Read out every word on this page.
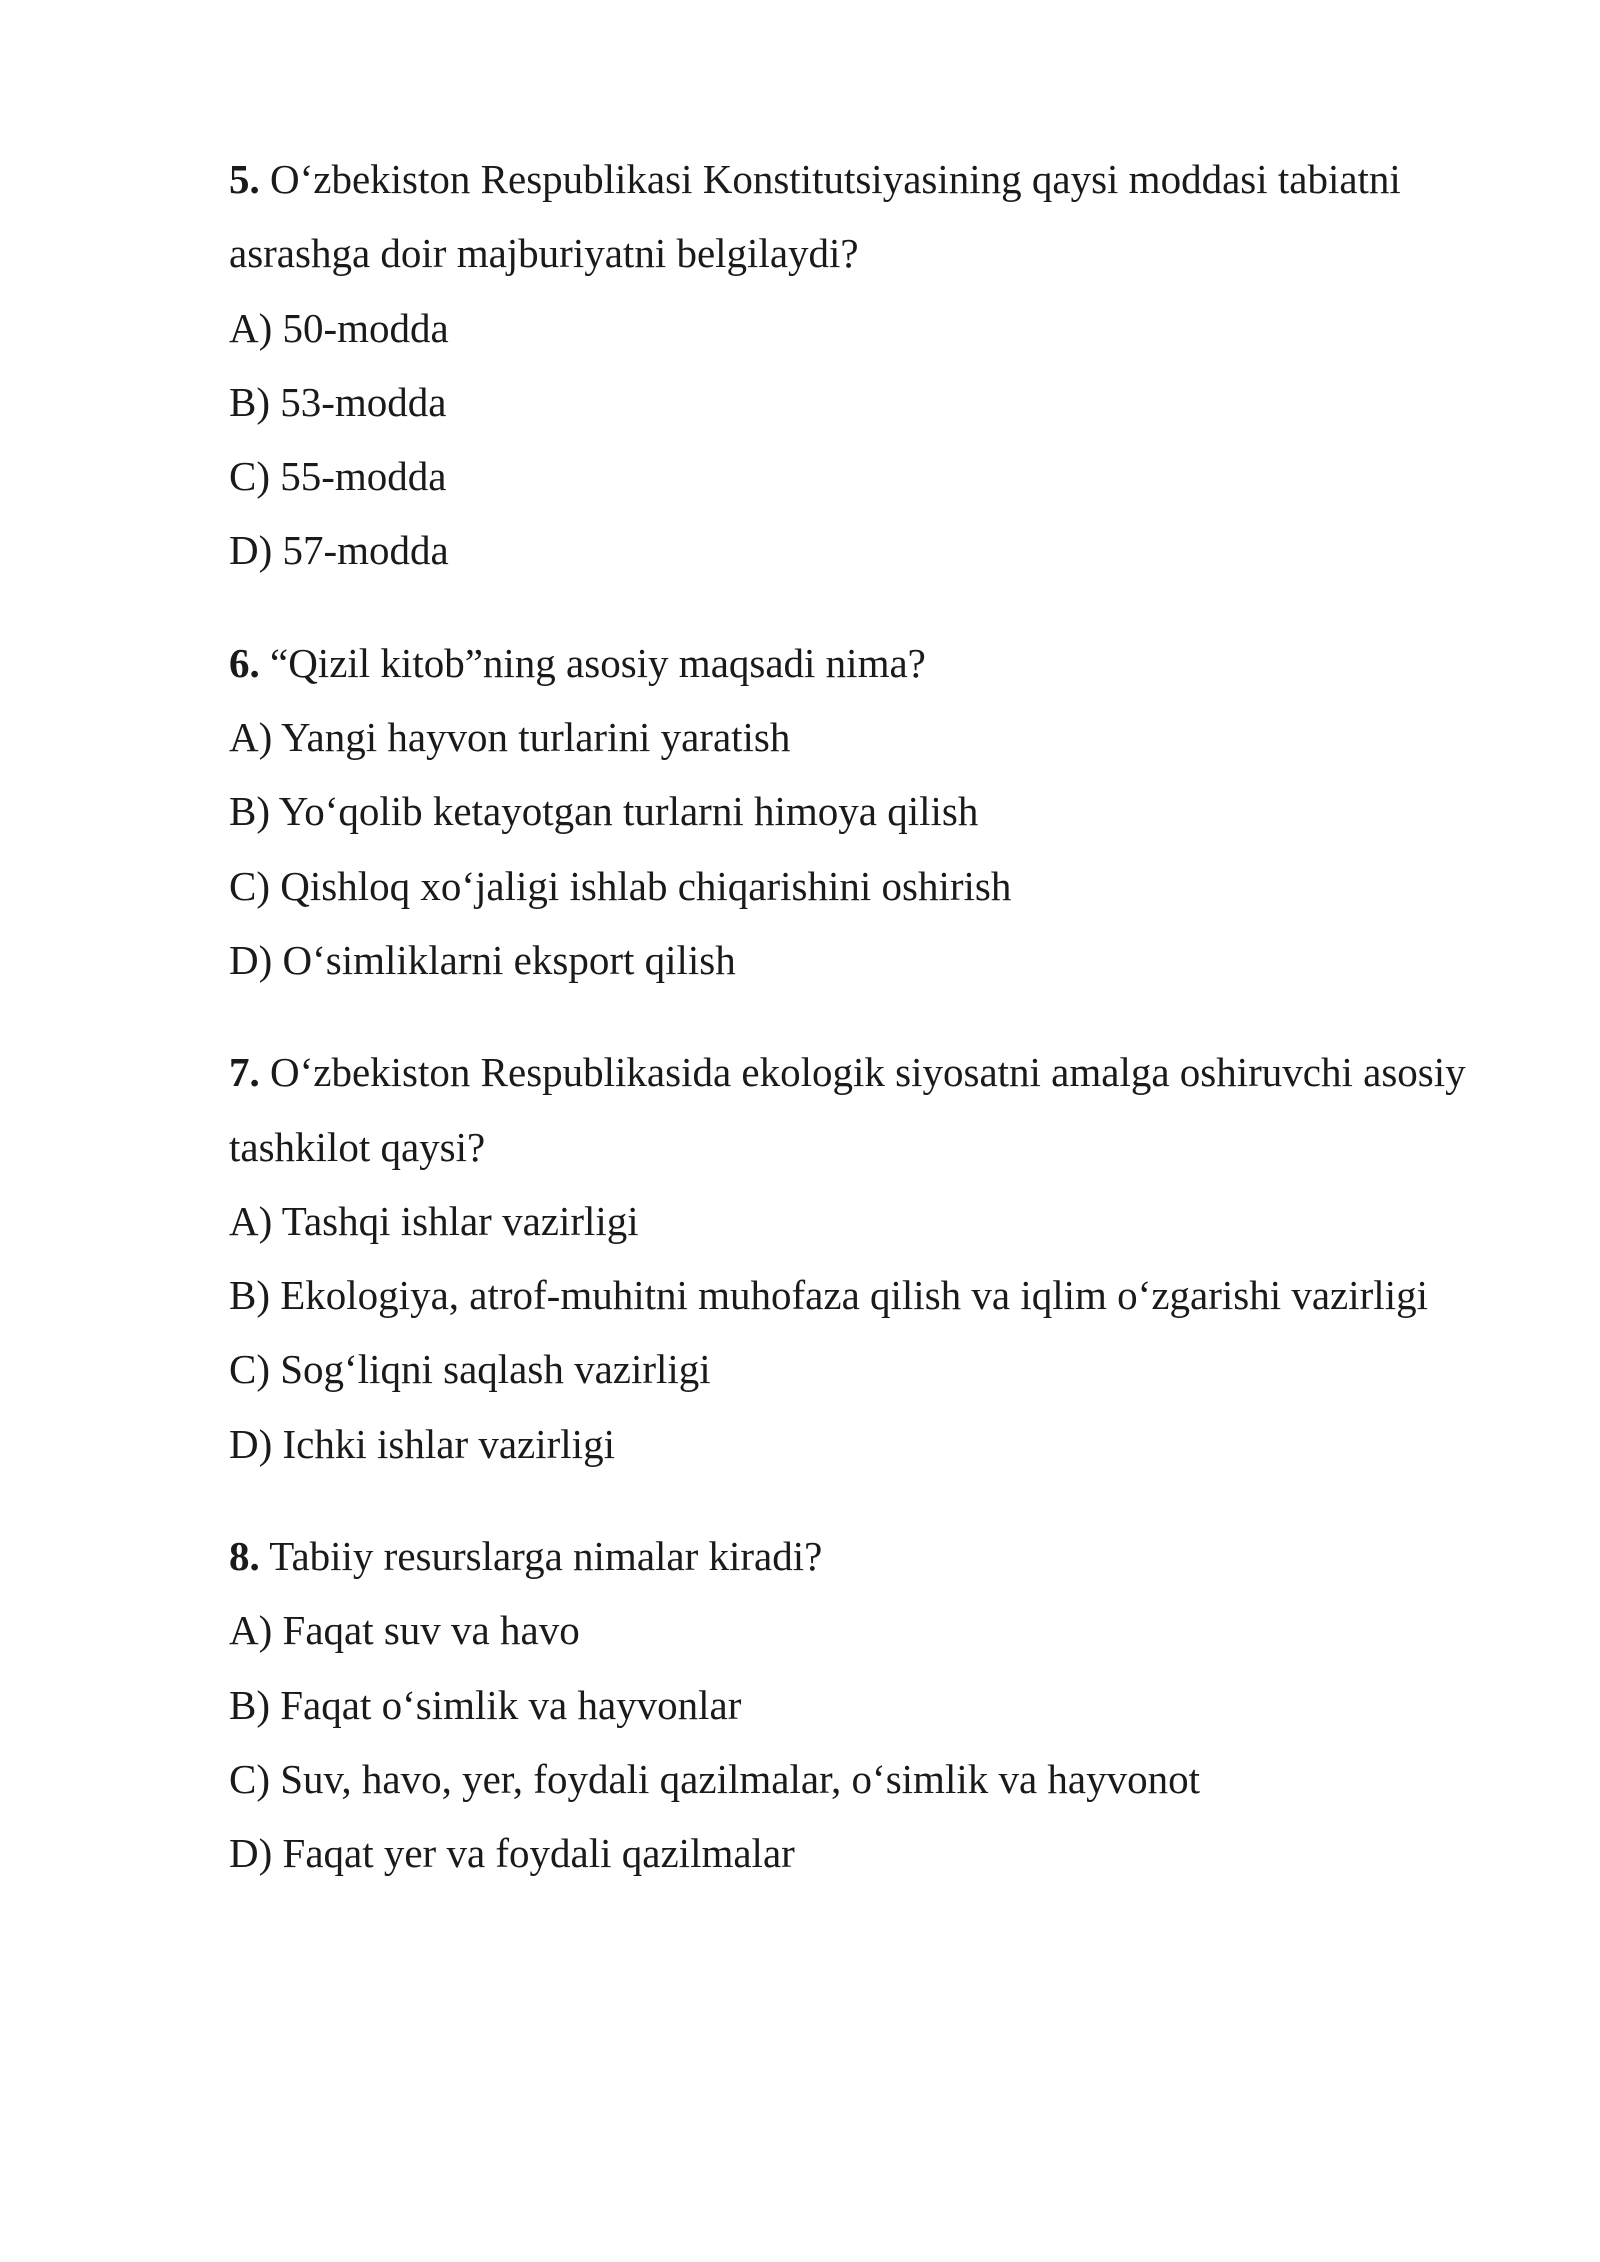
5. O‘zbekiston Respublikasi Konstitutsiyasining qaysi moddasi tabiatni asrashga doir majburiyatni belgilaydi?

A) 50-modda

B) 53-modda

C) 55-modda

D) 57-modda

6. “Qizil kitob”ning asosiy maqsadi nima?

A) Yangi hayvon turlarini yaratish

B) Yo‘qolib ketayotgan turlarni himoya qilish

C) Qishloq xo‘jaligi ishlab chiqarishini oshirish

D) O‘simliklarni eksport qilish

7. O‘zbekiston Respublikasida ekologik siyosatni amalga oshiruvchi asosiy tashkilot qaysi?

A) Tashqi ishlar vazirligi

B) Ekologiya, atrof-muhitni muhofaza qilish va iqlim o‘zgarishi vazirligi

C) Sog‘liqni saqlash vazirligi

D) Ichki ishlar vazirligi

8. Tabiiy resurslarga nimalar kiradi?

A) Faqat suv va havo

B) Faqat o‘simlik va hayvonlar

C) Suv, havo, yer, foydali qazilmalar, o‘simlik va hayvonot

D) Faqat yer va foydali qazilmalar
